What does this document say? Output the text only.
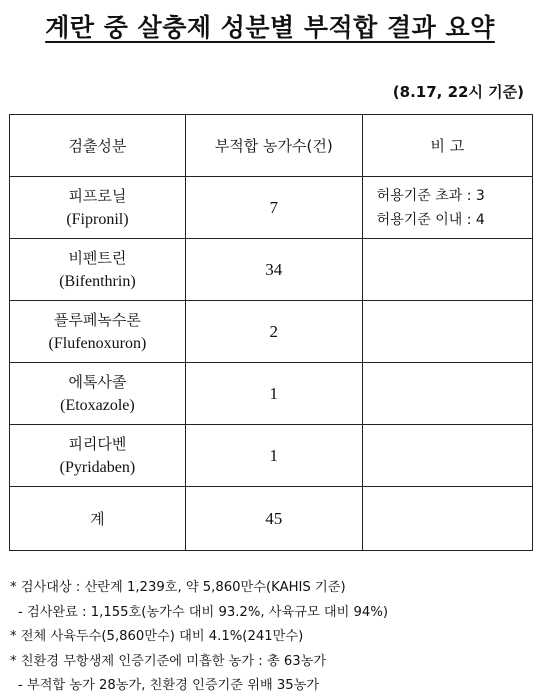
계란 중 살충제 성분별 부적합 결과 요약
(8.17, 22시 기준)
검출성분	부적합 농가수(건)	비 고

피프로닐
(Fipronil)	7	허용기준 초과 : 3
허용기준 이내 : 4

비펜트린
(Bifenthrin)	34	

플루페녹수론
(Flufenoxuron)	2	

에톡사졸
(Etoxazole)	1	

피리다벤
(Pyridaben)	1	
계	45	
* 검사대상 : 산란계 1,239호, 약 5,860만수(KAHIS 기준)
- 검사완료 : 1,155호(농가수 대비 93.2%, 사육규모 대비 94%)
* 전체 사육두수(5,860만수) 대비 4.1%(241만수)
* 친환경 무항생제 인증기준에 미흡한 농가 : 총 63농가
- 부적합 농가 28농가, 친환경 인증기준 위배 35농가
